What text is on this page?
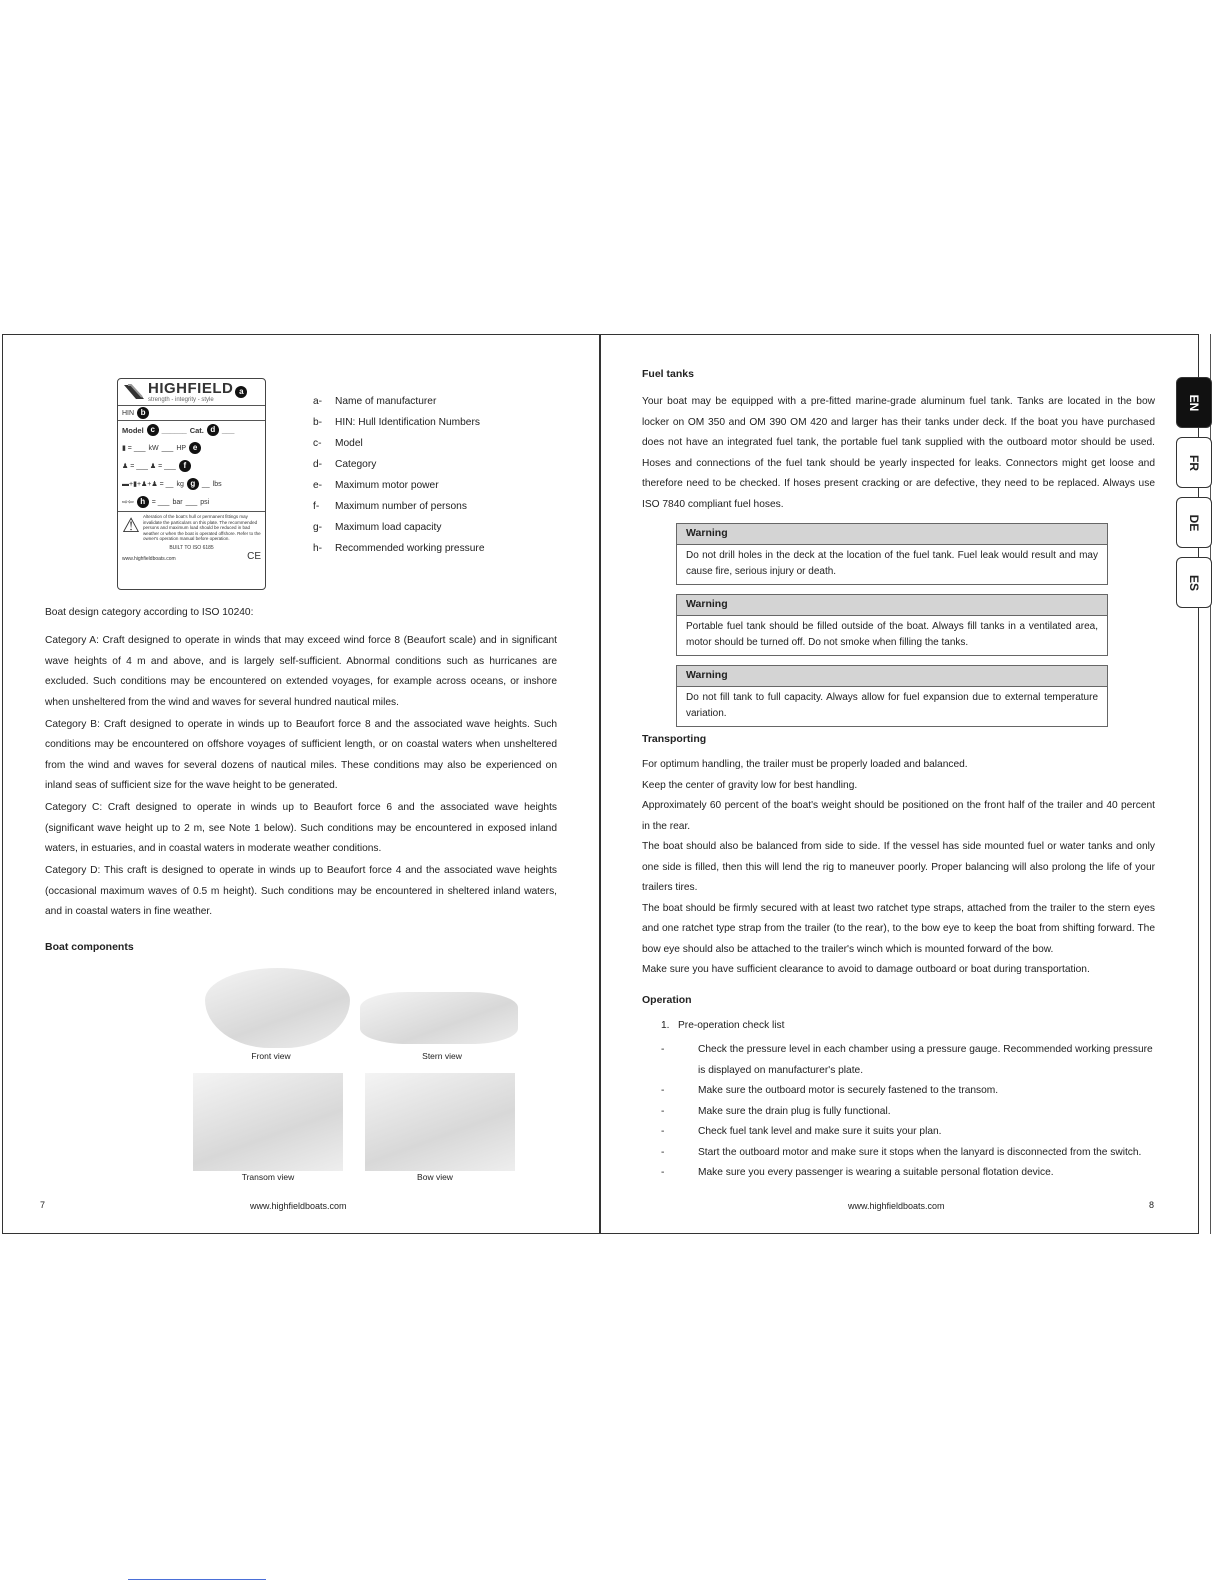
HIGHFIELD
strength - integrity - style
a
HIN b
Model c ______ Cat. d ___
▮ = ___ kW ___ HP e
♟ = ___ ♟ = ___ f
▬+▮+♟+♟ = __ kg g __ lbs
⇨⇦ h = ___ bar ___ psi
⚠ Alteration of the boat's hull or permanent fittings may invalidate the particulars on this plate. The recommended persons and maximum load should be reduced in bad weather or when the boat is operated offshore. Refer to the owner's operation manual before operation.
BUILT TO ISO 6185
www.highfieldboats.com	CE
a- Name of manufacturer
b- HIN: Hull Identification Numbers
c- Model
d- Category
e- Maximum motor power
f- Maximum number of persons
g- Maximum load capacity
h- Recommended working pressure
Boat design category according to ISO 10240:
Category A: Craft designed to operate in winds that may exceed wind force 8 (Beaufort scale) and in significant wave heights of 4 m and above, and is largely self-sufficient. Abnormal conditions such as hurricanes are excluded. Such conditions may be encountered on extended voyages, for example across oceans, or inshore when unsheltered from the wind and waves for several hundred nautical miles.
Category B: Craft designed to operate in winds up to Beaufort force 8 and the associated wave heights. Such conditions may be encountered on offshore voyages of sufficient length, or on coastal waters when unsheltered from the wind and waves for several dozens of nautical miles. These conditions may also be experienced on inland seas of sufficient size for the wave height to be generated.
Category C: Craft designed to operate in winds up to Beaufort force 6 and the associated wave heights (significant wave height up to 2 m, see Note 1 below). Such conditions may be encountered in exposed inland waters, in estuaries, and in coastal waters in moderate weather conditions.
Category D: This craft is designed to operate in winds up to Beaufort force 4 and the associated wave heights (occasional maximum waves of 0.5 m height). Such conditions may be encountered in sheltered inland waters, and in coastal waters in fine weather.
Boat components
Front view	Stern view
Transom view	Bow view
7	www.highfieldboats.com
Fuel tanks
Your boat may be equipped with a pre-fitted marine-grade aluminum fuel tank. Tanks are located in the bow locker on OM 350 and OM 390 OM 420 and larger has their tanks under deck. If the boat you have purchased does not have an integrated fuel tank, the portable fuel tank supplied with the outboard motor should be used. Hoses and connections of the fuel tank should be yearly inspected for leaks. Connectors might get loose and therefore need to be checked. If hoses present cracking or are defective, they need to be replaced. Always use ISO 7840 compliant fuel hoses.
Warning
Do not drill holes in the deck at the location of the fuel tank. Fuel leak would result and may cause fire, serious injury or death.
Warning
Portable fuel tank should be filled outside of the boat. Always fill tanks in a ventilated area, motor should be turned off. Do not smoke when filling the tanks.
Warning
Do not fill tank to full capacity. Always allow for fuel expansion due to external temperature variation.
Transporting
For optimum handling, the trailer must be properly loaded and balanced.
Keep the center of gravity low for best handling.
Approximately 60 percent of the boat's weight should be positioned on the front half of the trailer and 40 percent in the rear.
The boat should also be balanced from side to side. If the vessel has side mounted fuel or water tanks and only one side is filled, then this will lend the rig to maneuver poorly. Proper balancing will also prolong the life of your trailers tires.
The boat should be firmly secured with at least two ratchet type straps, attached from the trailer to the stern eyes and one ratchet type strap from the trailer (to the rear), to the bow eye to keep the boat from shifting forward. The bow eye should also be attached to the trailer's winch which is mounted forward of the bow.
Make sure you have sufficient clearance to avoid to damage outboard or boat during transportation.
Operation
1. Pre-operation check list
-	Check the pressure level in each chamber using a pressure gauge. Recommended working pressure is displayed on manufacturer's plate.
-	Make sure the outboard motor is securely fastened to the transom.
-	Make sure the drain plug is fully functional.
-	Check fuel tank level and make sure it suits your plan.
-	Start the outboard motor and make sure it stops when the lanyard is disconnected from the switch.
-	Make sure you every passenger is wearing a suitable personal flotation device.
www.highfieldboats.com	8
EN
FR
DE
ES
